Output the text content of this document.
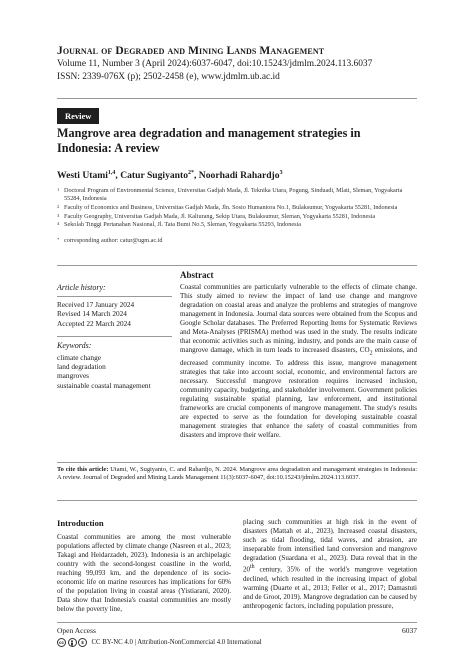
Journal of Degraded and Mining Lands Management
Volume 11, Number 3 (April 2024):6037-6047, doi:10.15243/jdmlm.2024.113.6037
ISSN: 2339-076X (p); 2502-2458 (e), www.jdmlm.ub.ac.id
Review
Mangrove area degradation and management strategies in Indonesia: A review
Westi Utami$^{1,4}$, Catur Sugiyanto$^{2*}$, Noorhadi Rahardjo$^3$
1 Doctoral Program of Environmental Science, Universitas Gadjah Mada, Jl. Teknika Utara, Pogung, Sinduadi, Mlati, Sleman, Yogyakarta 55284, Indonesia
2 Faculty of Economics and Business, Universitas Gadjah Mada, Jln. Sosio Humaniora No.1, Bulaksumur, Yogyakarta 55281, Indonesia
3 Faculty Geography, Universitas Gadjah Mada, Jl. Kaliurang, Sekip Utara, Bulaksumur, Sleman, Yogyakarta 55281, Indonesia
4 Sekolah Tinggi Pertanahan Nasional, Jl. Tata Bumi No.5, Sleman, Yogyakarta 55293, Indonesia
* corresponding author: catur@ugm.ac.id
Abstract
Article history:
Received 17 January 2024
Revised 14 March 2024
Accepted 22 March 2024
Keywords:
climate change
land degradation
mangroves
sustainable coastal management

Coastal communities are particularly vulnerable to the effects of climate change. This study aimed to review the impact of land use change and mangrove degradation on coastal areas and analyze the problems and strategies of mangrove management in Indonesia. Journal data sources were obtained from the Scopus and Google Scholar databases. The Preferred Reporting Items for Systematic Reviews and Meta-Analyses (PRISMA) method was used in the study. The results indicate that economic activities such as mining, industry, and ponds are the main cause of mangrove damage, which in turn leads to increased disasters, $CO_2$ emissions, and decreased community income. To address this issue, mangrove management strategies that take into account social, economic, and environmental factors are necessary. Successful mangrove restoration requires increased inclusion, community capacity, budgeting, and stakeholder involvement. Government policies regulating sustainable spatial planning, law enforcement, and institutional frameworks are crucial components of mangrove management. The study's results are expected to serve as the foundation for developing sustainable coastal management strategies that enhance the safety of coastal communities from disasters and improve their welfare.

To cite this article: Utami, W., Sugiyanto, C. and Rahardjo, N. 2024. Mangrove area degradation and management strategies in Indonesia: A review. Journal of Degraded and Mining Lands Management 11(3):6037-6047, doi:10.15243/jdmlm.2024.113.6037.

Introduction

Coastal communities are among the most vulnerable populations affected by climate change (Nasreen et al., 2023; Takagi and Heidarzadeh, 2023). Indonesia is an archipelagic country with the second-longest coastline in the world, reaching 99,093 km, and the dependence of its socio-economic life on marine resources has implications for 60% of the population living in coastal areas (Yistiarani, 2020). Data show that Indonesia's coastal communities are mostly below the poverty line,

placing such communities at high risk in the event of disasters (Mattah et al., 2023). Increased coastal disasters, such as tidal flooding, tidal waves, and abrasion, are inseparable from intensified land conversion and mangrove degradation (Suardana et al., 2023). Data reveal that in the 20th century, 35% of the world's mangrove vegetation declined, which resulted in the increasing impact of global warming (Duarte et al., 2013; Feller et al., 2017; Damastuti and de Groot, 2019). Mangrove degradation can be caused by anthropogenic factors, including population pressure,

Open Access	6037
cc	$	CC BY-NC 4.0 | Attribution-NonCommercial 4.0 International
